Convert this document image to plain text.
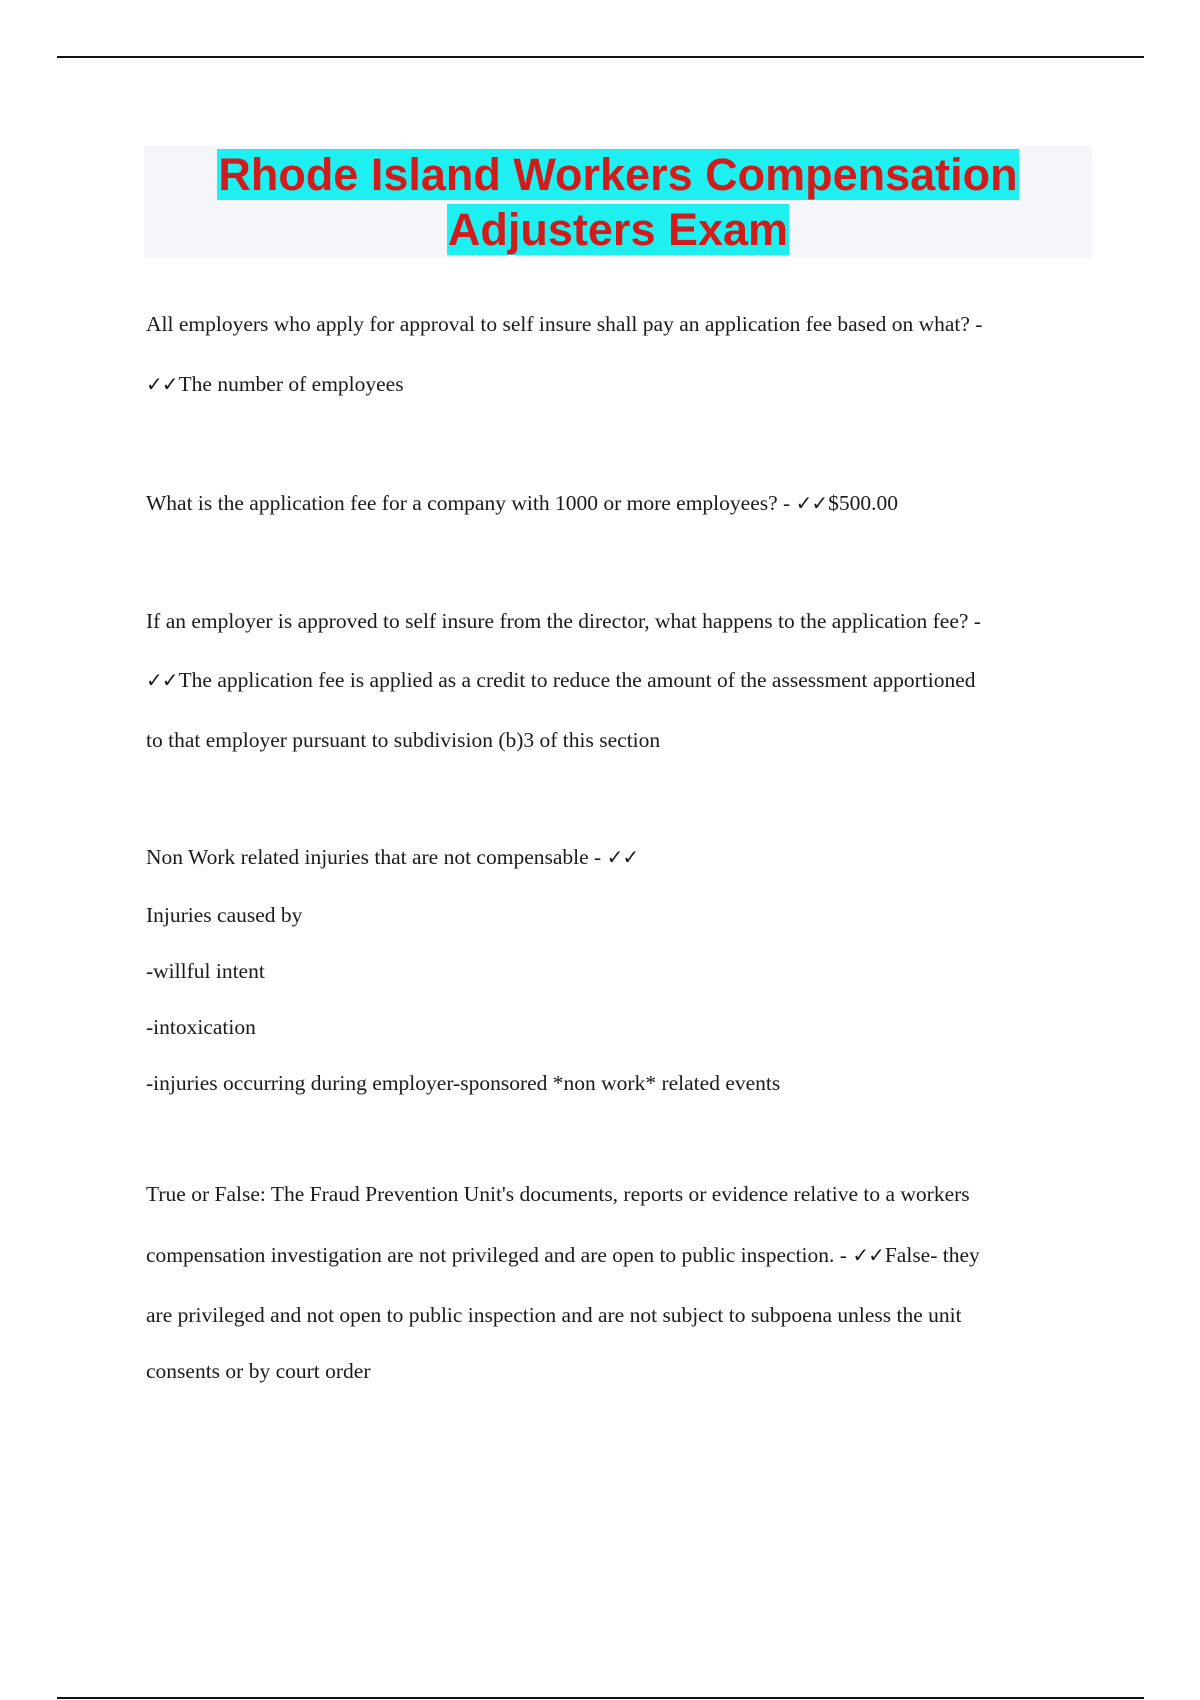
Rhode Island Workers Compensation
Adjusters Exam
All employers who apply for approval to self insure shall pay an application fee based on what? -
✓✓The number of employees
What is the application fee for a company with 1000 or more employees? - ✓✓$500.00
If an employer is approved to self insure from the director, what happens to the application fee? -
✓✓The application fee is applied as a credit to reduce the amount of the assessment apportioned
to that employer pursuant to subdivision (b)3 of this section
Non Work related injuries that are not compensable - ✓✓
Injuries caused by
-willful intent
-intoxication
-injuries occurring during employer-sponsored *non work* related events
True or False: The Fraud Prevention Unit's documents, reports or evidence relative to a workers
compensation investigation are not privileged and are open to public inspection. - ✓✓False- they
are privileged and not open to public inspection and are not subject to subpoena unless the unit
consents or by court order
